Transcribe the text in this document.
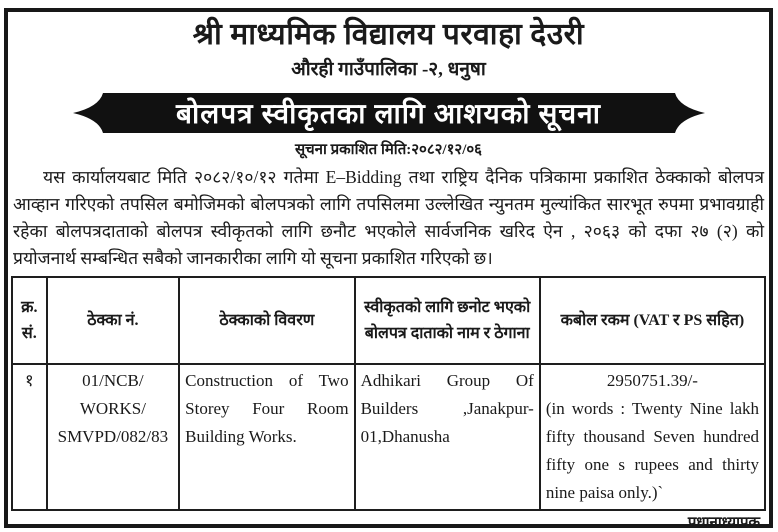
श्री माध्यमिक विद्यालय परवाहा देउरी
औरही गाउँपालिका -२, धनुषा
बोलपत्र स्वीकृतका लागि आशयको सूचना
सूचना प्रकाशित मिति:२०८२/१२/०६

यस कार्यालयबाट मिति २०८२/१०/१२ गतेमा E–Bidding तथा राष्ट्रिय दैनिक पत्रिकामा प्रकाशित ठेक्काको बोलपत्र आव्हान गरिएको तपसिल बमोजिमको बोलपत्रको लागि तपसिलमा उल्लेखित न्युनतम मुल्यांकित सारभूत रुपमा प्रभावग्राही रहेका बोलपत्रदाताको बोलपत्र स्वीकृतको लागि छनौट भएकोले सार्वजनिक खरिद ऐन , २०६३ को दफा २७ (२) को प्रयोजनार्थ सम्बन्धित सबैको जानकारीका लागि यो सूचना प्रकाशित गरिएको छ।

क्र. सं.	ठेक्का नं.	ठेक्काको विवरण	स्वीकृतको लागि छनोट भएको बोलपत्र दाताको नाम र ठेगाना	कबोल रकम (VAT र PS सहित)
१	01/NCB/ WORKS/ SMVPD/082/83	Construction of Two Storey Four Room Building Works.	Adhikari Group Of Builders ,Janakpur-01,Dhanusha	2950751.39/-
(in words : Twenty Nine lakh fifty thousand Seven hundred fifty one s rupees and thirty nine paisa only.)`
प्रधानाध्यापक
